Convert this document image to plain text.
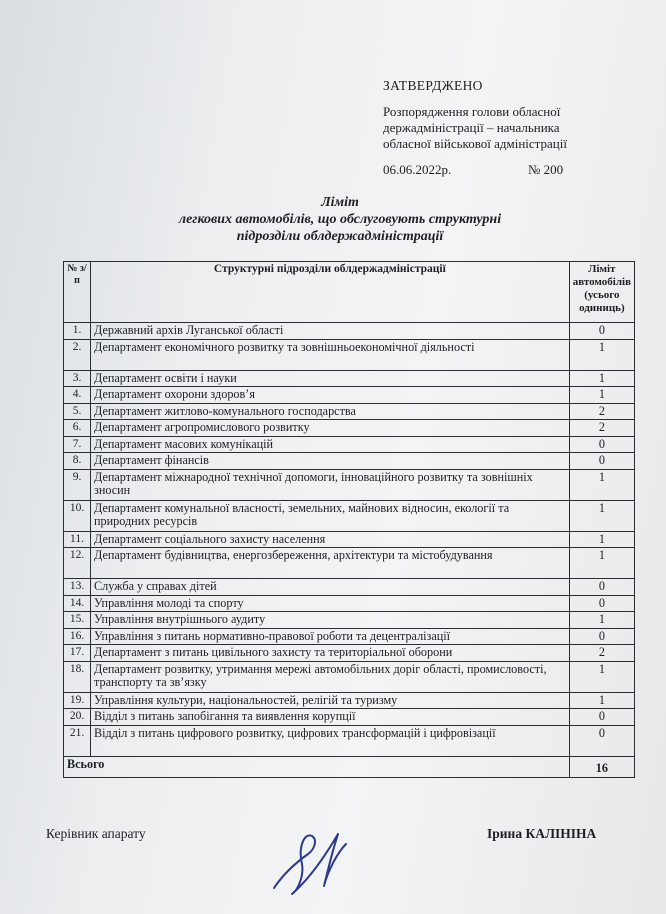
ЗАТВЕРДЖЕНО
Розпорядження голови обласної
держадміністрації – начальника
обласної військової адміністрації
06.06.2022р.	№ 200
Ліміт
легкових автомобілів, що обслуговують структурні
підрозділи облдержадміністрації
№ з/п	Структурні підрозділи облдержадміністрації	Ліміт автомобілів (усього одиниць)
1.	Державний архів Луганської області	0
2.	Департамент економічного розвитку та зовнішньоекономічної діяльності	1
3.	Департамент освіти і науки	1
4.	Департамент охорони здоров’я	1
5.	Департамент житлово-комунального господарства	2
6.	Департамент агропромислового розвитку	2
7.	Департамент масових комунікацій	0
8.	Департамент фінансів	0
9.	Департамент міжнародної технічної допомоги, інноваційного розвитку та зовнішніх зносин	1
10.	Департамент комунальної власності, земельних, майнових відносин, екології та природних ресурсів	1
11.	Департамент соціального захисту населення	1
12.	Департамент будівництва, енергозбереження, архітектури та містобудування	1
13.	Служба у справах дітей	0
14.	Управління молоді та спорту	0
15.	Управління внутрішнього аудиту	1
16.	Управління з питань нормативно-правової роботи та децентралізації	0
17.	Департамент з питань цивільного захисту та територіальної оборони	2
18.	Департамент розвитку, утримання мережі автомобільних доріг області, промисловості, транспорту та зв’язку	1
19.	Управління культури, національностей, релігій та туризму	1
20.	Відділ з питань запобігання та виявлення корупції	0
21.	Відділ з питань цифрового розвитку, цифрових трансформацій і цифровізації	0
Всього		16
Керівник апарату	Ірина КАЛІНІНА
